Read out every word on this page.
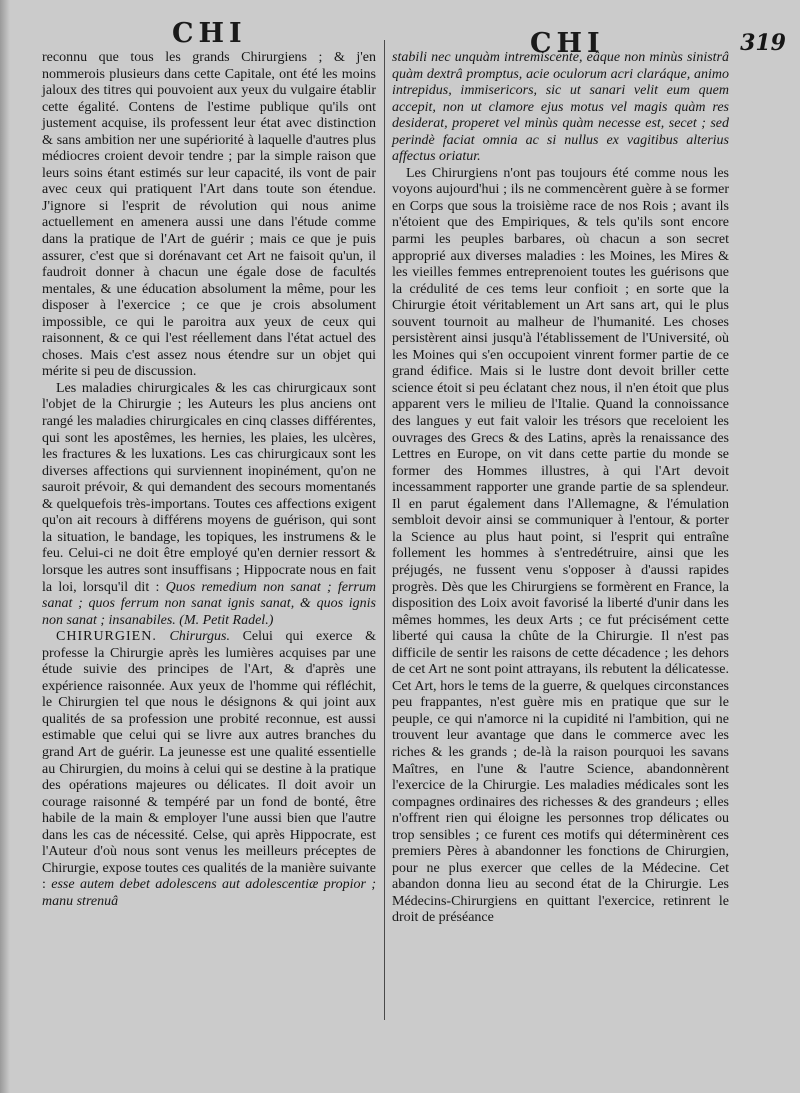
CHI	CHI	319

reconnu que tous les grands Chirurgiens ; & j'en nommerois plusieurs dans cette Capitale, ont été les moins jaloux des titres qui pouvoient aux yeux du vulgaire établir cette égalité. Contens de l'estime publique qu'ils ont justement acquise, ils professent leur état avec distinction & sans ambition ner une supériorité à laquelle d'autres plus médiocres croient devoir tendre ; par la simple raison que leurs soins étant estimés sur leur capacité, ils vont de pair avec ceux qui pratiquent l'Art dans toute son étendue. J'ignore si l'esprit de révolution qui nous anime actuellement en amenera aussi une dans l'étude comme dans la pratique de l'Art de guérir ; mais ce que je puis assurer, c'est que si dorénavant cet Art ne faisoit qu'un, il faudroit donner à chacun une égale dose de facultés mentales, & une éducation absolument la même, pour les disposer à l'exercice ; ce que je crois absolument impossible, ce qui le paroitra aux yeux de ceux qui raisonnent, & ce qui l'est réellement dans l'état actuel des choses. Mais c'est assez nous étendre sur un objet qui mérite si peu de discussion.

Les maladies chirurgicales & les cas chirurgicaux sont l'objet de la Chirurgie ; les Auteurs les plus anciens ont rangé les maladies chirurgicales en cinq classes différentes, qui sont les apostêmes, les hernies, les plaies, les ulcères, les fractures & les luxations. Les cas chirurgicaux sont les diverses affections qui surviennent inopinément, qu'on ne sauroit prévoir, & qui demandent des secours momentanés & quelquefois très-importans. Toutes ces affections exigent qu'on ait recours à différens moyens de guérison, qui sont la situation, le bandage, les topiques, les instrumens & le feu. Celui-ci ne doit être employé qu'en dernier ressort & lorsque les autres sont insuffisans ; Hippocrate nous en fait la loi, lorsqu'il dit : Quos remedium non sanat ; ferrum sanat ; quos ferrum non sanat ignis sanat, & quos ignis non sanat ; insanabiles. (M. Petit Radel.)

CHIRURGIEN. Chirurgus. Celui qui exerce & professe la Chirurgie après les lumières acquises par une étude suivie des principes de l'Art, & d'après une expérience raisonnée. Aux yeux de l'homme qui réfléchit, le Chirurgien tel que nous le désignons & qui joint aux qualités de sa profession une probité reconnue, est aussi estimable que celui qui se livre aux autres branches du grand Art de guérir. La jeunesse est une qualité essentielle au Chirurgien, du moins à celui qui se destine à la pratique des opérations majeures ou délicates. Il doit avoir un courage raisonné & tempéré par un fond de bonté, être habile de la main & employer l'une aussi bien que l'autre dans les cas de nécessité. Celse, qui après Hippocrate, est l'Auteur d'où nous sont venus les meilleurs préceptes de Chirurgie, expose toutes ces qualités de la manière suivante : esse autem debet adolescens aut adolescentiæ propior ; manu strenuâ

stabili nec unquàm intremiscente, eâque non minùs sinistrâ quàm dextrâ promptus, acie oculorum acri claráque, animo intrepidus, immisericors, sic ut sanari velit eum quem accepit, non ut clamore ejus motus vel magis quàm res desiderat, properet vel minùs quàm necesse est, secet ; sed perindè faciat omnia ac si nullus ex vagitibus alterius affectus oriatur.

Les Chirurgiens n'ont pas toujours été comme nous les voyons aujourd'hui ; ils ne commencèrent guère à se former en Corps que sous la troisième race de nos Rois ; avant ils n'étoient que des Empiriques, & tels qu'ils sont encore parmi les peuples barbares, où chacun a son secret approprié aux diverses maladies : les Moines, les Mires & les vieilles femmes entreprenoient toutes les guérisons que la crédulité de ces tems leur confioit ; en sorte que la Chirurgie étoit véritablement un Art sans art, qui le plus souvent tournoit au malheur de l'humanité. Les choses persistèrent ainsi jusqu'à l'établissement de l'Université, où les Moines qui s'en occupoient vinrent former partie de ce grand édifice. Mais si le lustre dont devoit briller cette science étoit si peu éclatant chez nous, il n'en étoit que plus apparent vers le milieu de l'Italie. Quand la connoissance des langues y eut fait valoir les trésors que receloient les ouvrages des Grecs & des Latins, après la renaissance des Lettres en Europe, on vit dans cette partie du monde se former des Hommes illustres, à qui l'Art devoit incessamment rapporter une grande partie de sa splendeur. Il en parut également dans l'Allemagne, & l'émulation sembloit devoir ainsi se communiquer à l'entour, & porter la Science au plus haut point, si l'esprit qui entraîne follement les hommes à s'entredétruire, ainsi que les préjugés, ne fussent venu s'opposer à d'aussi rapides progrès. Dès que les Chirurgiens se formèrent en France, la disposition des Loix avoit favorisé la liberté d'unir dans les mêmes hommes, les deux Arts ; ce fut précisément cette liberté qui causa la chûte de la Chirurgie. Il n'est pas difficile de sentir les raisons de cette décadence ; les dehors de cet Art ne sont point attrayans, ils rebutent la délicatesse. Cet Art, hors le tems de la guerre, & quelques circonstances peu frappantes, n'est guère mis en pratique que sur le peuple, ce qui n'amorce ni la cupidité ni l'ambition, qui ne trouvent leur avantage que dans le commerce avec les riches & les grands ; de-là la raison pourquoi les savans Maîtres, en l'une & l'autre Science, abandonnèrent l'exercice de la Chirurgie. Les maladies médicales sont les compagnes ordinaires des richesses & des grandeurs ; elles n'offrent rien qui éloigne les personnes trop délicates ou trop sensibles ; ce furent ces motifs qui déterminèrent ces premiers Pères à abandonner les fonctions de Chirurgien, pour ne plus exercer que celles de la Médecine. Cet abandon donna lieu au second état de la Chirurgie. Les Médecins-Chirurgiens en quittant l'exercice, retinrent le droit de préséance
